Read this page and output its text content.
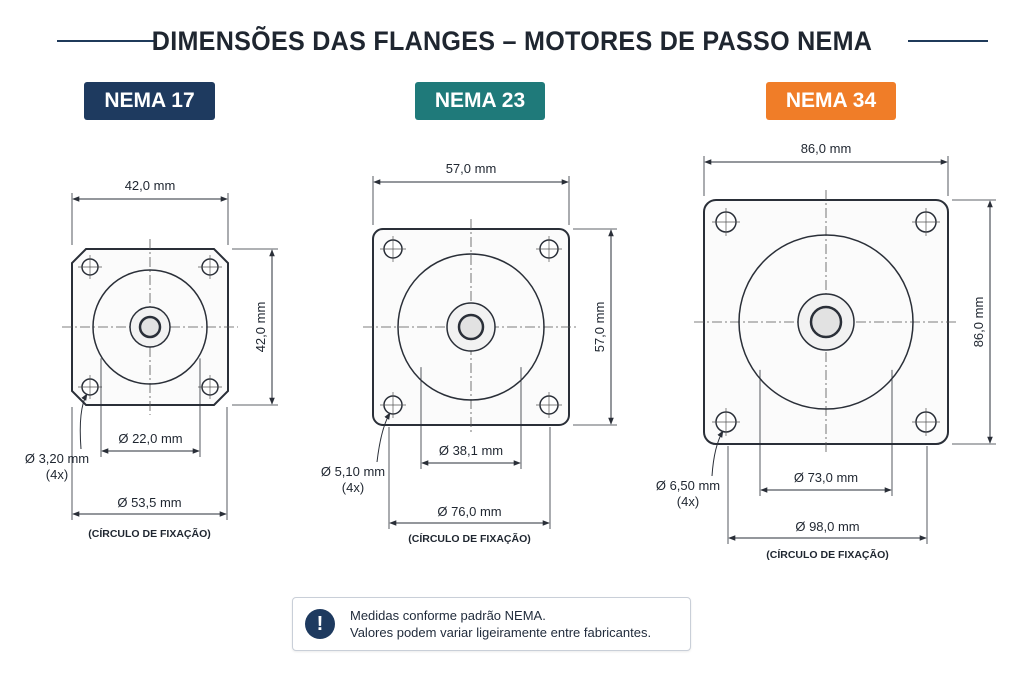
DIMENSÕES DAS FLANGES – MOTORES DE PASSO NEMA
NEMA 17	NEMA 23	NEMA 34
42,0 mm
42,0 mm
Ø 22,0 mm
Ø 53,5 mm
(CÍRCULO DE FIXAÇÃO)
Ø 3,20 mm
(4x)
57,0 mm
57,0 mm
Ø 38,1 mm
Ø 76,0 mm
(CÍRCULO DE FIXAÇÃO)
Ø 5,10 mm
(4x)
86,0 mm
86,0 mm
Ø 73,0 mm
Ø 98,0 mm
(CÍRCULO DE FIXAÇÃO)
Ø 6,50 mm
(4x)
!	Medidas conforme padrão NEMA.
Valores podem variar ligeiramente entre fabricantes.
